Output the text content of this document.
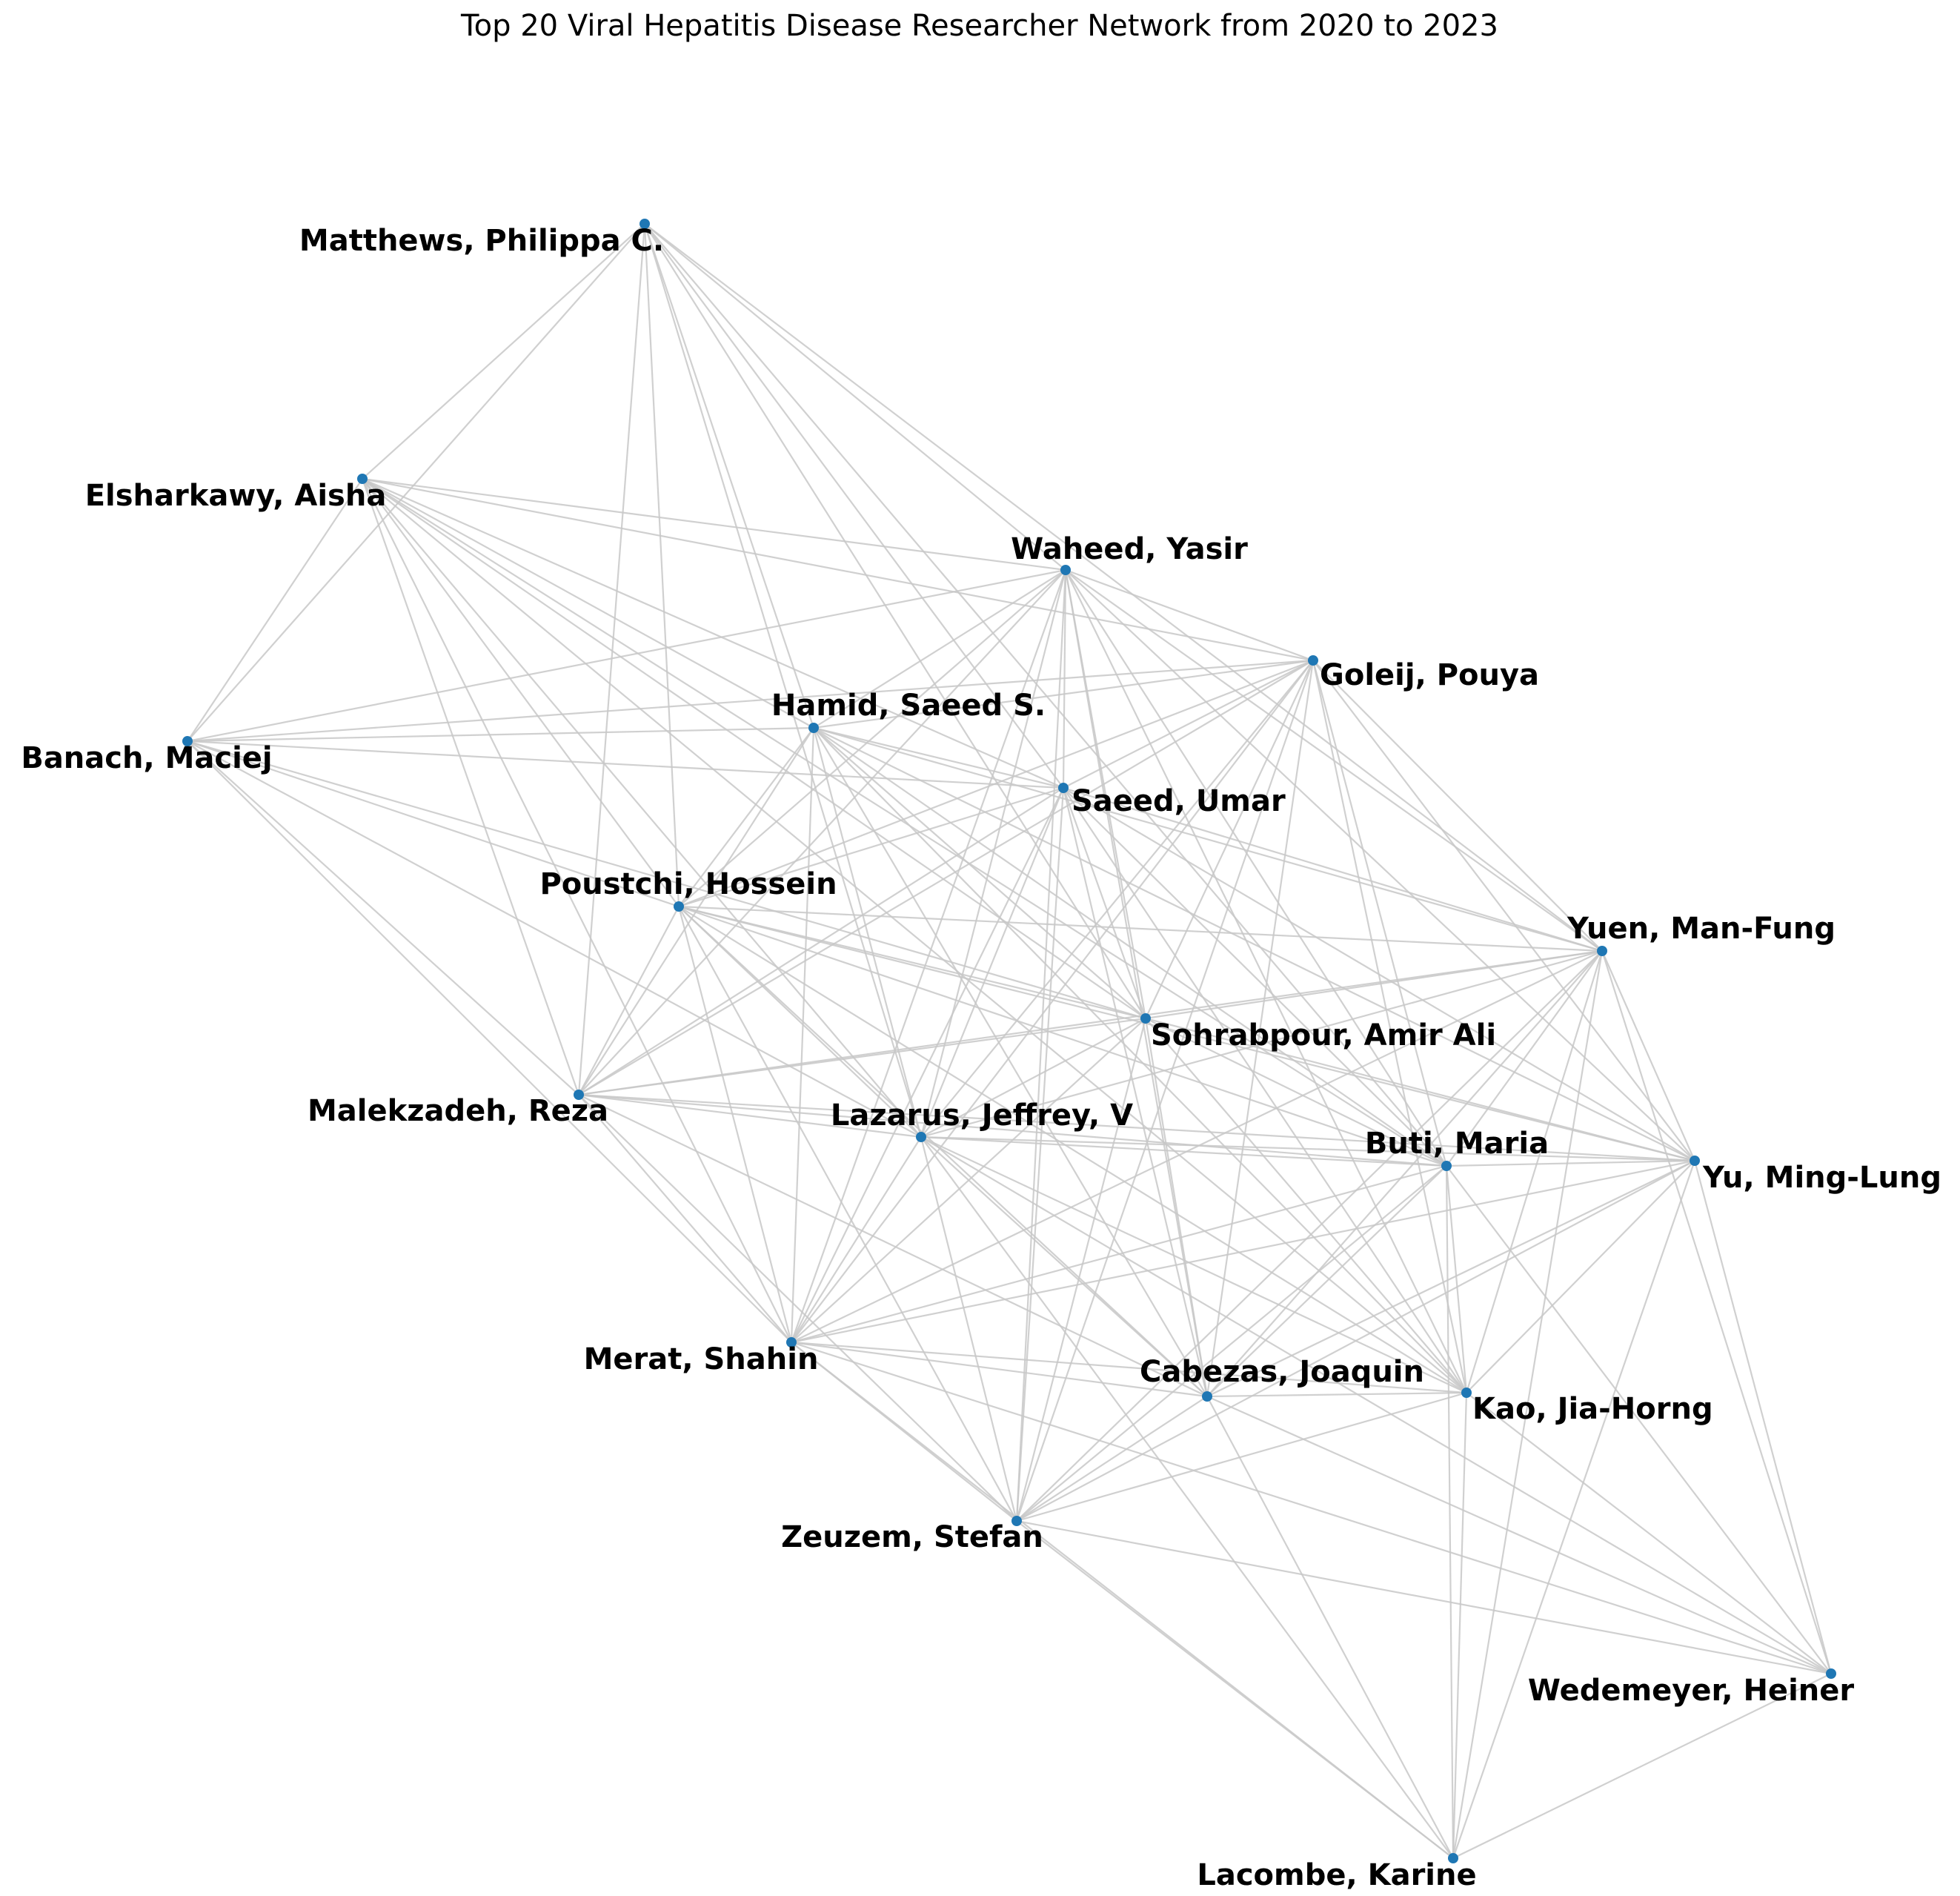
Top 20 Viral Hepatitis Disease Researcher Network from 2020 to 2023
Matthews, Philippa C.
Elsharkawy, Aisha
Banach, Maciej
Waheed, Yasir
Goleij, Pouya
Hamid, Saeed S.
Saeed, Umar
Poustchi, Hossein
Yuen, Man-Fung
Sohrabpour, Amir Ali
Malekzadeh, Reza	Lazarus, Jeffrey, V
Buti, Maria
Yu, Ming-Lung
Merat, Shahin	Cabezas, Joaquin
Kao, Jia-Horng
Zeuzem, Stefan
Wedemeyer, Heiner
Lacombe, Karine
